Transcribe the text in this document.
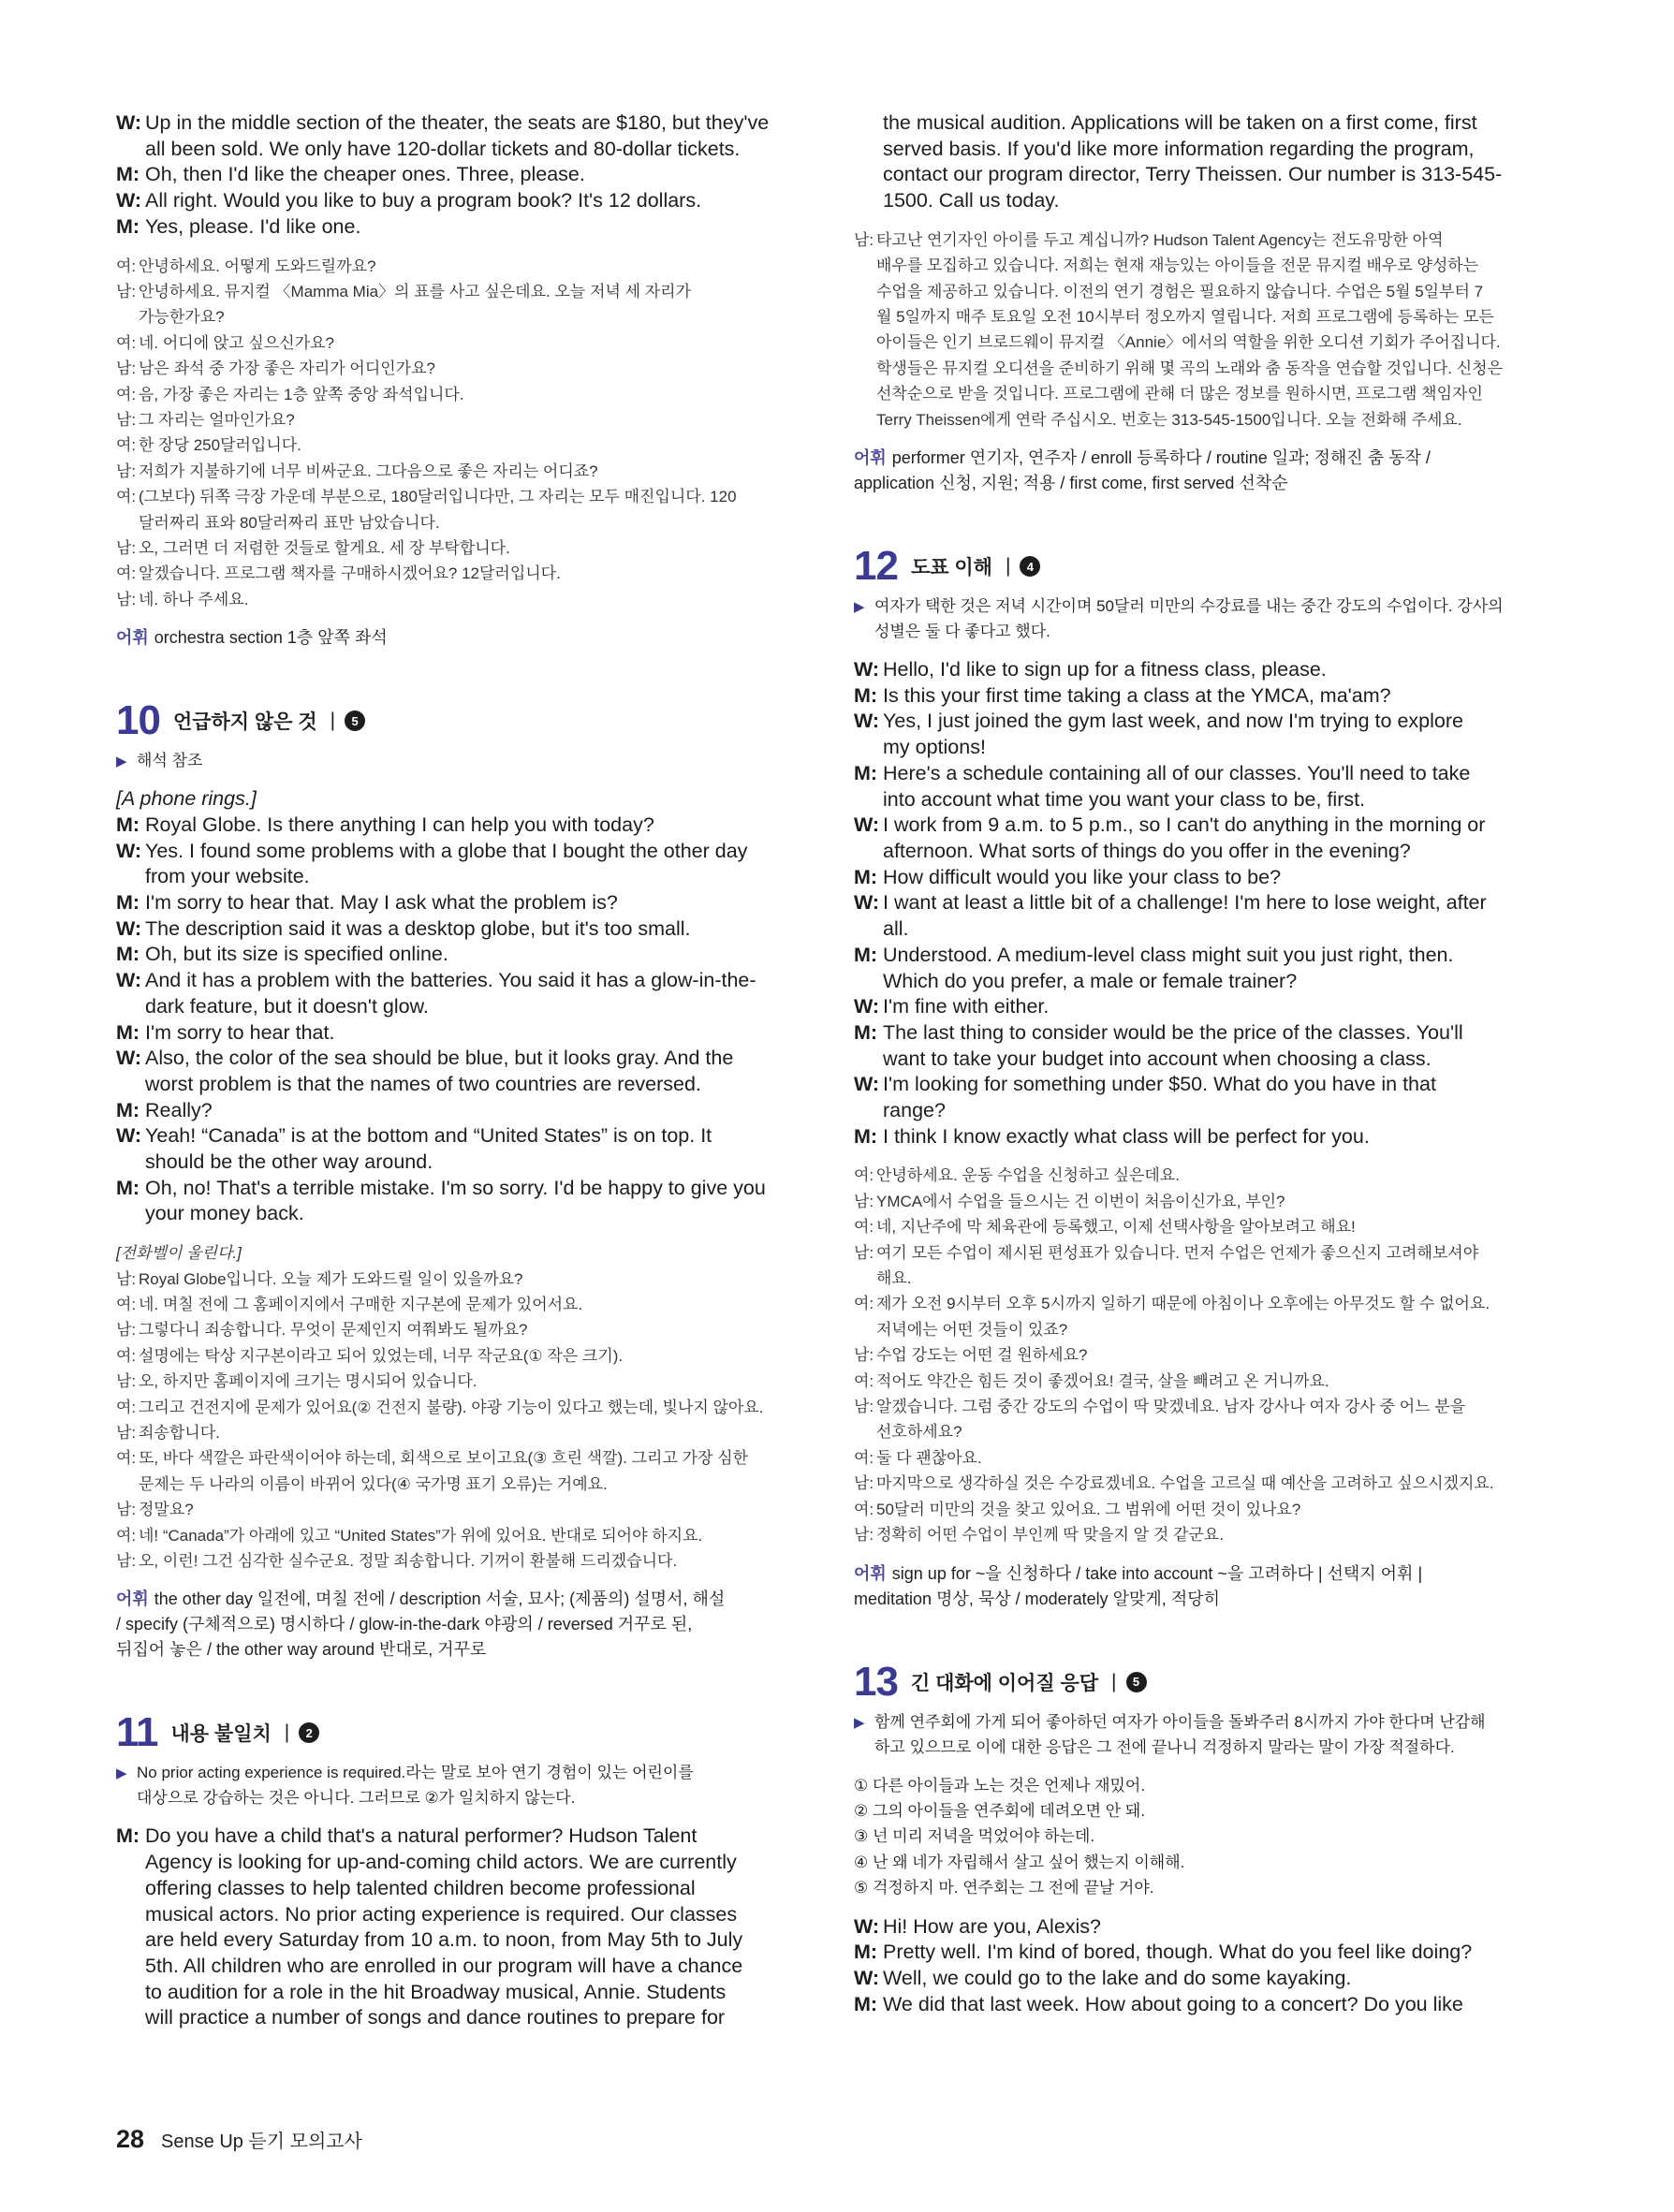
W: Up in the middle section of the theater, the seats are $180, but they've
all been sold. We only have 120-dollar tickets and 80-dollar tickets.
M: Oh, then I'd like the cheaper ones. Three, please.
W: All right. Would you like to buy a program book? It's 12 dollars.
M: Yes, please. I'd like one.
여: 안녕하세요. 어떻게 도와드릴까요?
남: 안녕하세요. 뮤지컬 〈Mamma Mia〉의 표를 사고 싶은데요. 오늘 저녁 세 자리가
가능한가요?
여: 네. 어디에 앉고 싶으신가요?
남: 남은 좌석 중 가장 좋은 자리가 어디인가요?
여: 음, 가장 좋은 자리는 1층 앞쪽 중앙 좌석입니다.
남: 그 자리는 얼마인가요?
여: 한 장당 250달러입니다.
남: 저희가 지불하기에 너무 비싸군요. 그다음으로 좋은 자리는 어디죠?
여: (그보다) 뒤쪽 극장 가운데 부분으로, 180달러입니다만, 그 자리는 모두 매진입니다. 120
달러짜리 표와 80달러짜리 표만 남았습니다.
남: 오, 그러면 더 저렴한 것들로 할게요. 세 장 부탁합니다.
여: 알겠습니다. 프로그램 책자를 구매하시겠어요? 12달러입니다.
남: 네. 하나 주세요.
어휘 orchestra section 1층 앞쪽 좌석
10 언급하지 않은 것 |	5
▶ 해석 참조
[A phone rings.]
M: Royal Globe. Is there anything I can help you with today?
W: Yes. I found some problems with a globe that I bought the other day
from your website.
M: I'm sorry to hear that. May I ask what the problem is?
W: The description said it was a desktop globe, but it's too small.
M: Oh, but its size is specified online.
W: And it has a problem with the batteries. You said it has a glow-in-the-
dark feature, but it doesn't glow.
M: I'm sorry to hear that.
W: Also, the color of the sea should be blue, but it looks gray. And the
worst problem is that the names of two countries are reversed.
M: Really?
W: Yeah! “Canada” is at the bottom and “United States” is on top. It
should be the other way around.
M: Oh, no! That's a terrible mistake. I'm so sorry. I'd be happy to give you
your money back.
[전화벨이 울린다.]
남: Royal Globe입니다. 오늘 제가 도와드릴 일이 있을까요?
여: 네. 며칠 전에 그 홈페이지에서 구매한 지구본에 문제가 있어서요.
남: 그렇다니 죄송합니다. 무엇이 문제인지 여쭤봐도 될까요?
여: 설명에는 탁상 지구본이라고 되어 있었는데, 너무 작군요(① 작은 크기).
남: 오, 하지만 홈페이지에 크기는 명시되어 있습니다.
여: 그리고 건전지에 문제가 있어요(② 건전지 불량). 야광 기능이 있다고 했는데, 빛나지 않아요.
남: 죄송합니다.
여: 또, 바다 색깔은 파란색이어야 하는데, 회색으로 보이고요(③ 흐린 색깔). 그리고 가장 심한
문제는 두 나라의 이름이 바뀌어 있다(④ 국가명 표기 오류)는 거예요.
남: 정말요?
여: 네! “Canada”가 아래에 있고 “United States”가 위에 있어요. 반대로 되어야 하지요.
남: 오, 이런! 그건 심각한 실수군요. 정말 죄송합니다. 기꺼이 환불해 드리겠습니다.
어휘 the other day 일전에, 며칠 전에 / description 서술, 묘사; (제품의) 설명서, 해설
/ specify (구체적으로) 명시하다 / glow-in-the-dark 야광의 / reversed 거꾸로 된,
뒤집어 놓은 / the other way around 반대로, 거꾸로
11 내용 불일치 |	2
▶ No prior acting experience is required.라는 말로 보아 연기 경험이 있는 어린이를
대상으로 강습하는 것은 아니다. 그러므로 ②가 일치하지 않는다.
M: Do you have a child that's a natural performer? Hudson Talent
Agency is looking for up-and-coming child actors. We are currently
offering classes to help talented children become professional
musical actors. No prior acting experience is required. Our classes
are held every Saturday from 10 a.m. to noon, from May 5th to July
5th. All children who are enrolled in our program will have a chance
to audition for a role in the hit Broadway musical, Annie. Students
will practice a number of songs and dance routines to prepare for
the musical audition. Applications will be taken on a first come, first
served basis. If you'd like more information regarding the program,
contact our program director, Terry Theissen. Our number is 313-545-
1500. Call us today.
남: 타고난 연기자인 아이를 두고 계십니까? Hudson Talent Agency는 전도유망한 아역
배우를 모집하고 있습니다. 저희는 현재 재능있는 아이들을 전문 뮤지컬 배우로 양성하는
수업을 제공하고 있습니다. 이전의 연기 경험은 필요하지 않습니다. 수업은 5월 5일부터 7
월 5일까지 매주 토요일 오전 10시부터 정오까지 열립니다. 저희 프로그램에 등록하는 모든
아이들은 인기 브로드웨이 뮤지컬 〈Annie〉에서의 역할을 위한 오디션 기회가 주어집니다.
학생들은 뮤지컬 오디션을 준비하기 위해 몇 곡의 노래와 춤 동작을 연습할 것입니다. 신청은
선착순으로 받을 것입니다. 프로그램에 관해 더 많은 정보를 원하시면, 프로그램 책임자인
Terry Theissen에게 연락 주십시오. 번호는 313-545-1500입니다. 오늘 전화해 주세요.
어휘 performer 연기자, 연주자 / enroll 등록하다 / routine 일과; 정해진 춤 동작 /
application 신청, 지원; 적용 / first come, first served 선착순
12 도표 이해 |	4
▶ 여자가 택한 것은 저녁 시간이며 50달러 미만의 수강료를 내는 중간 강도의 수업이다. 강사의
성별은 둘 다 좋다고 했다.
W: Hello, I'd like to sign up for a fitness class, please.
M: Is this your first time taking a class at the YMCA, ma'am?
W: Yes, I just joined the gym last week, and now I'm trying to explore
my options!
M: Here's a schedule containing all of our classes. You'll need to take
into account what time you want your class to be, first.
W: I work from 9 a.m. to 5 p.m., so I can't do anything in the morning or
afternoon. What sorts of things do you offer in the evening?
M: How difficult would you like your class to be?
W: I want at least a little bit of a challenge! I'm here to lose weight, after
all.
M: Understood. A medium-level class might suit you just right, then.
Which do you prefer, a male or female trainer?
W: I'm fine with either.
M: The last thing to consider would be the price of the classes. You'll
want to take your budget into account when choosing a class.
W: I'm looking for something under $50. What do you have in that
range?
M: I think I know exactly what class will be perfect for you.
여: 안녕하세요. 운동 수업을 신청하고 싶은데요.
남: YMCA에서 수업을 들으시는 건 이번이 처음이신가요, 부인?
여: 네, 지난주에 막 체육관에 등록했고, 이제 선택사항을 알아보려고 해요!
남: 여기 모든 수업이 제시된 편성표가 있습니다. 먼저 수업은 언제가 좋으신지 고려해보셔야
해요.
여: 제가 오전 9시부터 오후 5시까지 일하기 때문에 아침이나 오후에는 아무것도 할 수 없어요.
저녁에는 어떤 것들이 있죠?
남: 수업 강도는 어떤 걸 원하세요?
여: 적어도 약간은 힘든 것이 좋겠어요! 결국, 살을 빼려고 온 거니까요.
남: 알겠습니다. 그럼 중간 강도의 수업이 딱 맞겠네요. 남자 강사나 여자 강사 중 어느 분을
선호하세요?
여: 둘 다 괜찮아요.
남: 마지막으로 생각하실 것은 수강료겠네요. 수업을 고르실 때 예산을 고려하고 싶으시겠지요.
여: 50달러 미만의 것을 찾고 있어요. 그 범위에 어떤 것이 있나요?
남: 정확히 어떤 수업이 부인께 딱 맞을지 알 것 같군요.
어휘 sign up for ~을 신청하다 / take into account ~을 고려하다 | 선택지 어휘 |
meditation 명상, 묵상 / moderately 알맞게, 적당히
13 긴 대화에 이어질 응답 |	5
▶ 함께 연주회에 가게 되어 좋아하던 여자가 아이들을 돌봐주러 8시까지 가야 한다며 난감해
하고 있으므로 이에 대한 응답은 그 전에 끝나니 걱정하지 말라는 말이 가장 적절하다.
① 다른 아이들과 노는 것은 언제나 재밌어.
② 그의 아이들을 연주회에 데려오면 안 돼.
③ 넌 미리 저녁을 먹었어야 하는데.
④ 난 왜 네가 자립해서 살고 싶어 했는지 이해해.
⑤ 걱정하지 마. 연주회는 그 전에 끝날 거야.
W: Hi! How are you, Alexis?
M: Pretty well. I'm kind of bored, though. What do you feel like doing?
W: Well, we could go to the lake and do some kayaking.
M: We did that last week. How about going to a concert? Do you like
28 Sense Up 듣기 모의고사
